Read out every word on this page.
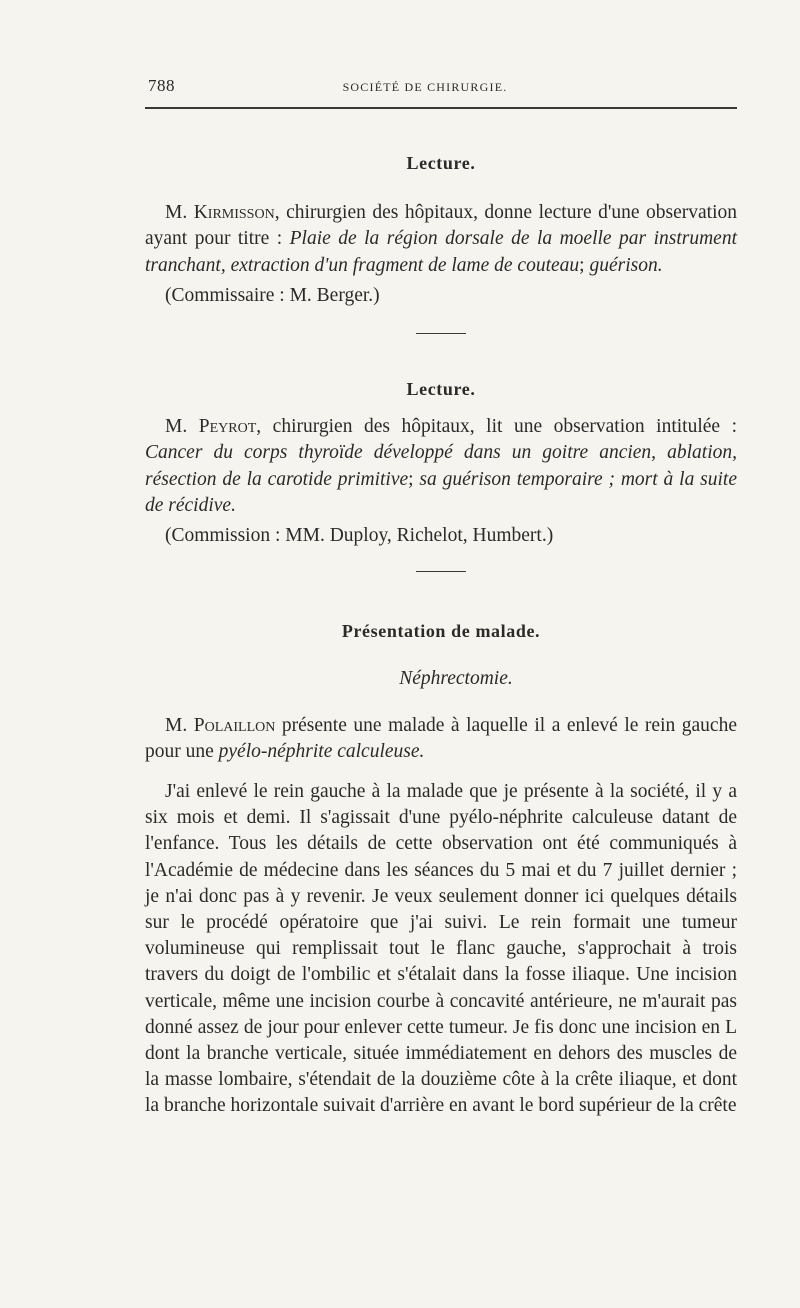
788	SOCIÉTÉ DE CHIRURGIE.
Lecture.

M. Kirmisson, chirurgien des hôpitaux, donne lecture d'une observation ayant pour titre : Plaie de la région dorsale de la moelle par instrument tranchant, extraction d'un fragment de lame de couteau; guérison.

(Commissaire : M. Berger.)

Lecture.

M. Peyrot, chirurgien des hôpitaux, lit une observation intitulée : Cancer du corps thyroïde développé dans un goitre ancien, ablation, résection de la carotide primitive; sa guérison temporaire ; mort à la suite de récidive.

(Commission : MM. Duploy, Richelot, Humbert.)

Présentation de malade.

Néphrectomie.

M. Polaillon présente une malade à laquelle il a enlevé le rein gauche pour une pyélo-néphrite calculeuse.

J'ai enlevé le rein gauche à la malade que je présente à la société, il y a six mois et demi. Il s'agissait d'une pyélo-néphrite calculeuse datant de l'enfance. Tous les détails de cette observation ont été communiqués à l'Académie de médecine dans les séances du 5 mai et du 7 juillet dernier ; je n'ai donc pas à y revenir. Je veux seulement donner ici quelques détails sur le procédé opératoire que j'ai suivi. Le rein formait une tumeur volumineuse qui remplissait tout le flanc gauche, s'approchait à trois travers du doigt de l'ombilic et s'étalait dans la fosse iliaque. Une incision verticale, même une incision courbe à concavité antérieure, ne m'aurait pas donné assez de jour pour enlever cette tumeur. Je fis donc une incision en L dont la branche verticale, située immédiatement en dehors des muscles de la masse lombaire, s'étendait de la douzième côte à la crête iliaque, et dont la branche horizontale suivait d'arrière en avant le bord supérieur de la crête
